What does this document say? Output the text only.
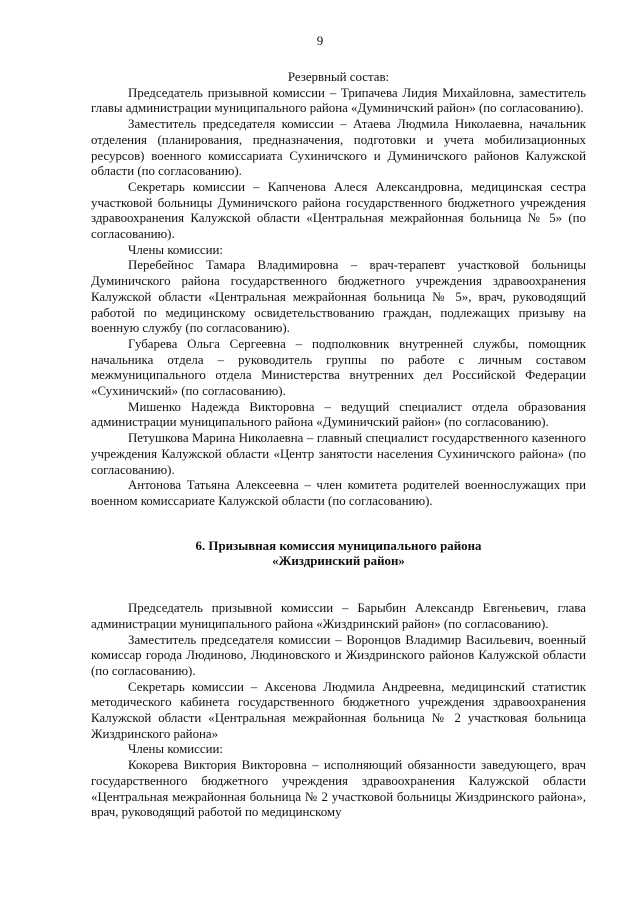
9

Резервный состав:

Председатель призывной комиссии – Трипачева Лидия Михайловна, заместитель главы администрации муниципального района «Думиничский район» (по согласованию).

Заместитель председателя комиссии – Атаева Людмила Николаевна, начальник отделения (планирования, предназначения, подготовки и учета мобилизационных ресурсов) военного комиссариата Сухиничского и Думиничского районов Калужской области (по согласованию).

Секретарь комиссии – Капченова Алеся Александровна, медицинская сестра участковой больницы Думиничского района государственного бюджетного учреждения здравоохранения Калужской области «Центральная межрайонная больница № 5» (по согласованию).

Члены комиссии:

Перебейнос Тамара Владимировна – врач-терапевт участковой больницы Думиничского района государственного бюджетного учреждения здравоохранения Калужской области «Центральная межрайонная больница № 5», врач, руководящий работой по медицинскому освидетельствованию граждан, подлежащих призыву на военную службу (по согласованию).

Губарева Ольга Сергеевна – подполковник внутренней службы, помощник начальника отдела – руководитель группы по работе с личным составом межмуниципального отдела Министерства внутренних дел Российской Федерации «Сухиничский» (по согласованию).

Мишенко Надежда Викторовна – ведущий специалист отдела образования администрации муниципального района «Думиничский район» (по согласованию).

Петушкова Марина Николаевна – главный специалист государственного казенного учреждения Калужской области «Центр занятости населения Сухиничского района» (по согласованию).

Антонова Татьяна Алексеевна – член комитета родителей военнослужащих при военном комиссариате Калужской области (по согласованию).

6. Призывная комиссия муниципального района
«Жиздринский район»

Председатель призывной комиссии – Барыбин Александр Евгеньевич, глава администрации муниципального района «Жиздринский район» (по согласованию).

Заместитель председателя комиссии – Воронцов Владимир Васильевич, военный комиссар города Людиново, Людиновского и Жиздринского районов Калужской области (по согласованию).

Секретарь комиссии – Аксенова Людмила Андреевна, медицинский статистик методического кабинета государственного бюджетного учреждения здравоохранения Калужской области «Центральная межрайонная больница № 2 участковая больница Жиздринского района»

Члены комиссии:

Кокорева Виктория Викторовна – исполняющий обязанности заведующего, врач государственного бюджетного учреждения здравоохранения Калужской области «Центральная межрайонная больница № 2 участковой больницы Жиздринского района», врач, руководящий работой по медицинскому
